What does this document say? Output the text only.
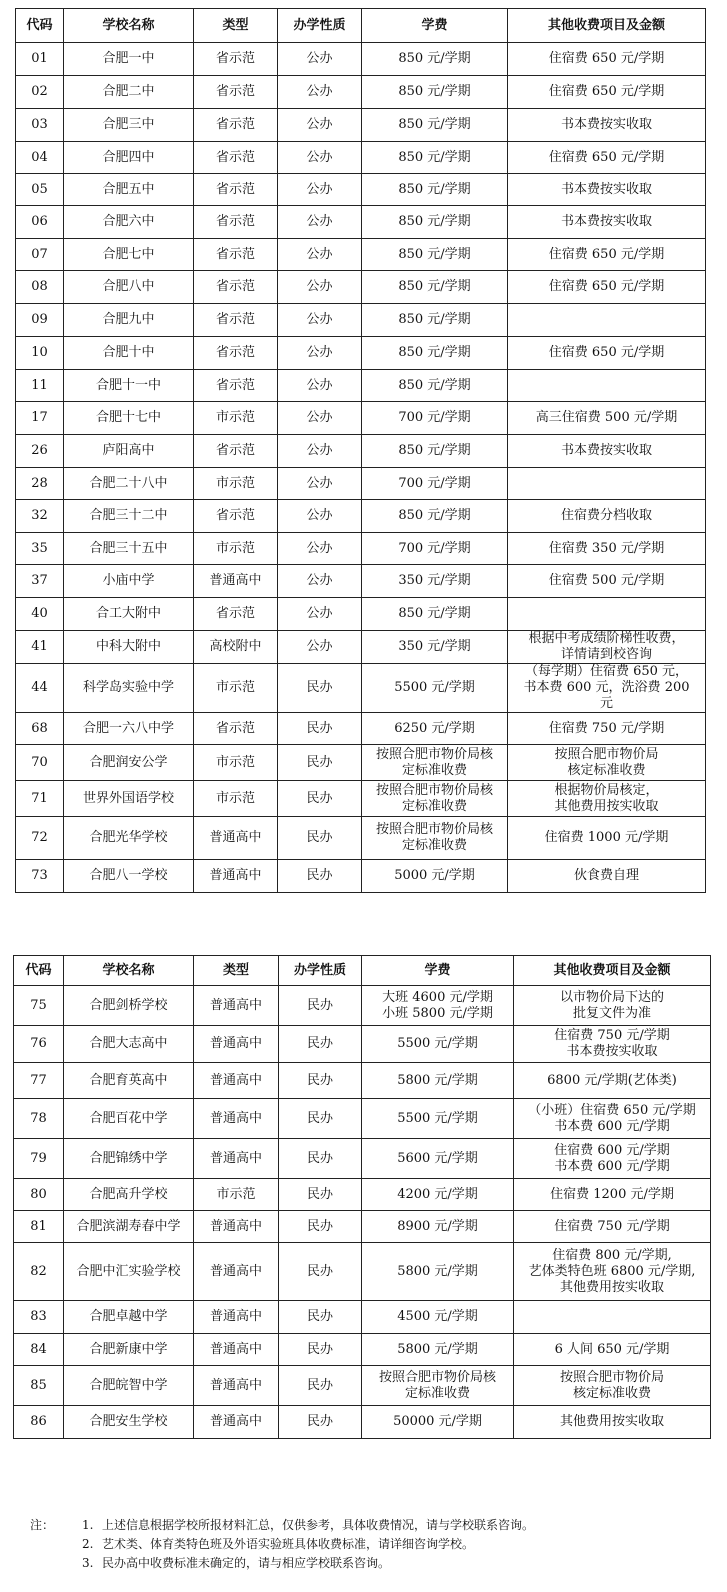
代码	学校名称	类型	办学性质	学费	其他收费项目及金额
01	合肥一中	省示范	公办	850 元/学期	住宿费 650 元/学期
02	合肥二中	省示范	公办	850 元/学期	住宿费 650 元/学期
03	合肥三中	省示范	公办	850 元/学期	书本费按实收取
04	合肥四中	省示范	公办	850 元/学期	住宿费 650 元/学期
05	合肥五中	省示范	公办	850 元/学期	书本费按实收取
06	合肥六中	省示范	公办	850 元/学期	书本费按实收取
07	合肥七中	省示范	公办	850 元/学期	住宿费 650 元/学期
08	合肥八中	省示范	公办	850 元/学期	住宿费 650 元/学期
09	合肥九中	省示范	公办	850 元/学期	
10	合肥十中	省示范	公办	850 元/学期	住宿费 650 元/学期
11	合肥十一中	省示范	公办	850 元/学期	
17	合肥十七中	市示范	公办	700 元/学期	高三住宿费 500 元/学期
26	庐阳高中	省示范	公办	850 元/学期	书本费按实收取
28	合肥二十八中	市示范	公办	700 元/学期	
32	合肥三十二中	省示范	公办	850 元/学期	住宿费分档收取
35	合肥三十五中	市示范	公办	700 元/学期	住宿费 350 元/学期
37	小庙中学	普通高中	公办	350 元/学期	住宿费 500 元/学期
40	合工大附中	省示范	公办	850 元/学期	
41	中科大附中	高校附中	公办	350 元/学期	根据中考成绩阶梯性收费，
详情请到校咨询
44	科学岛实验中学	市示范	民办	5500 元/学期	（每学期）住宿费 650 元，
书本费 600 元，洗浴费 200
元
68	合肥一六八中学	省示范	民办	6250 元/学期	住宿费 750 元/学期
70	合肥润安公学	市示范	民办	按照合肥市物价局核
定标准收费	按照合肥市物价局
核定标准收费
71	世界外国语学校	市示范	民办	按照合肥市物价局核
定标准收费	根据物价局核定，
其他费用按实收取
72	合肥光华学校	普通高中	民办	按照合肥市物价局核
定标准收费	住宿费 1000 元/学期
73	合肥八一学校	普通高中	民办	5000 元/学期	伙食费自理
代码	学校名称	类型	办学性质	学费	其他收费项目及金额
75	合肥剑桥学校	普通高中	民办	大班 4600 元/学期
小班 5800 元/学期	以市物价局下达的
批复文件为准
76	合肥大志高中	普通高中	民办	5500 元/学期	住宿费 750 元/学期
书本费按实收取
77	合肥育英高中	普通高中	民办	5800 元/学期	6800 元/学期(艺体类)
78	合肥百花中学	普通高中	民办	5500 元/学期	（小班）住宿费 650 元/学期
书本费 600 元/学期
79	合肥锦绣中学	普通高中	民办	5600 元/学期	住宿费 600 元/学期
书本费 600 元/学期
80	合肥高升学校	市示范	民办	4200 元/学期	住宿费 1200 元/学期
81	合肥滨湖寿春中学	普通高中	民办	8900 元/学期	住宿费 750 元/学期
82	合肥中汇实验学校	普通高中	民办	5800 元/学期	住宿费 800 元/学期,
艺体类特色班 6800 元/学期,
其他费用按实收取
83	合肥卓越中学	普通高中	民办	4500 元/学期	
84	合肥新康中学	普通高中	民办	5800 元/学期	6 人间 650 元/学期
85	合肥皖智中学	普通高中	民办	按照合肥市物价局核
定标准收费	按照合肥市物价局
核定标准收费
86	合肥安生学校	普通高中	民办	50000 元/学期	其他费用按实收取
注： 1. 上述信息根据学校所报材料汇总，仅供参考，具体收费情况，请与学校联系咨询。
2. 艺术类、体育类特色班及外语实验班具体收费标准，请详细咨询学校。
3. 民办高中收费标准未确定的，请与相应学校联系咨询。
